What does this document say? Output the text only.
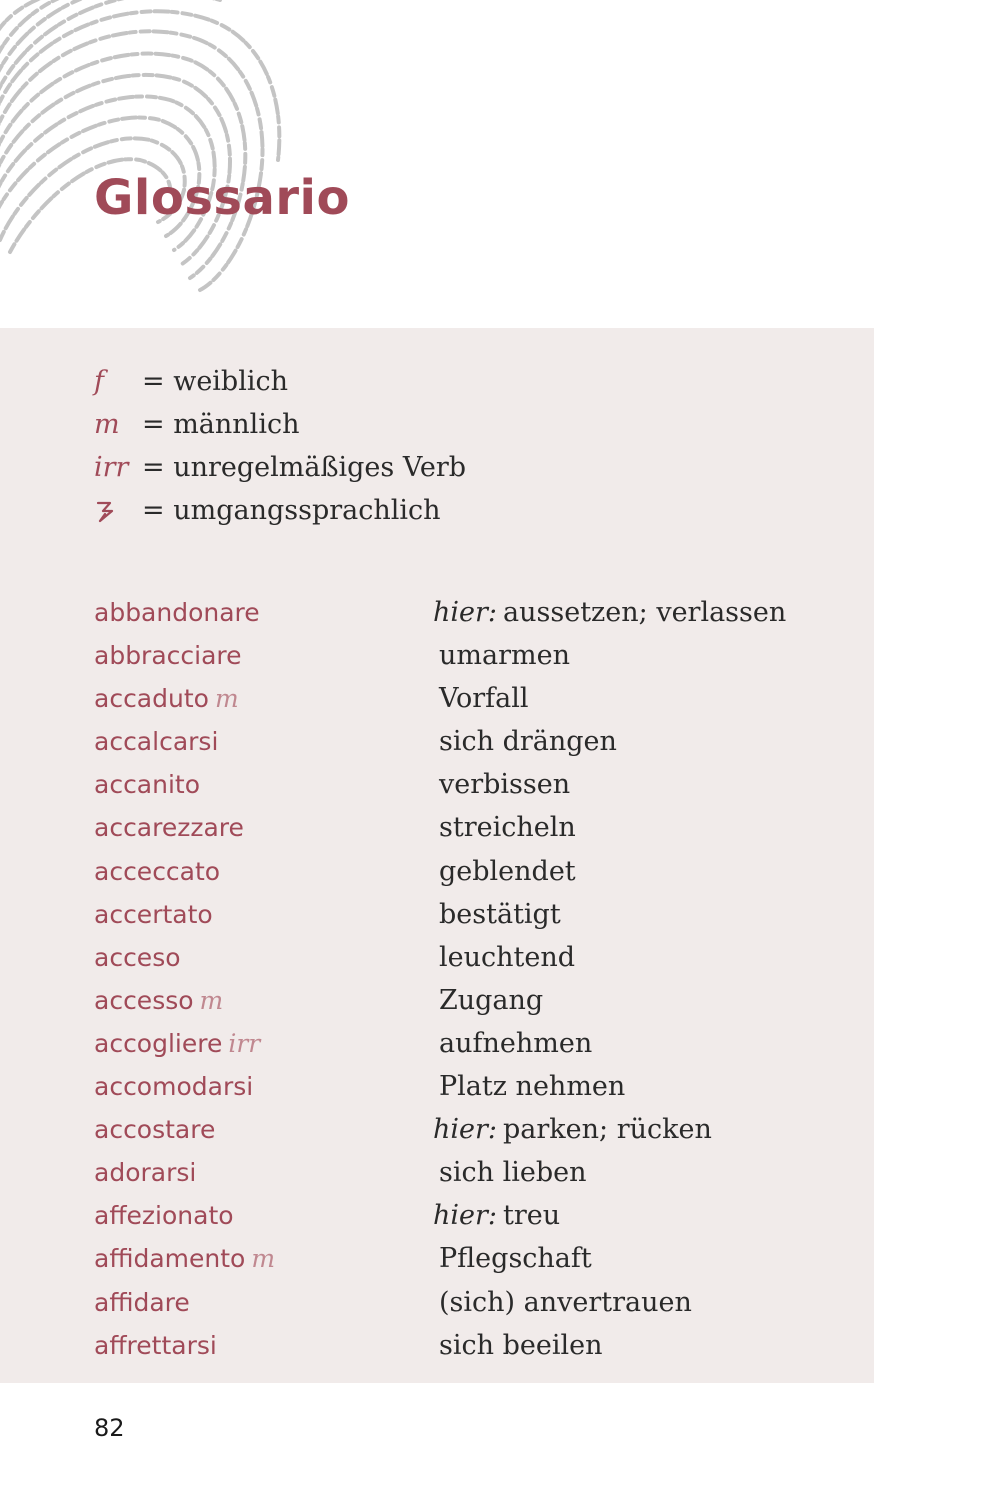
Glossario
f	= weiblich
m = männlich
irr = unregelmäßiges Verb
= umgangssprachlich
abbandonare	hier: aussetzen; verlassen
abbracciare	umarmen
accaduto m	Vorfall
accalcarsi	sich drängen
accanito	verbissen
accarezzare	streicheln
acceccato	geblendet
accertato	bestätigt
acceso	leuchtend
accesso m	Zugang
accogliere irr	aufnehmen
accomodarsi	Platz nehmen
accostare	hier: parken; rücken
adorarsi	sich lieben
affezionato	hier: treu
affidamento m	Pflegschaft
affidare	(sich) anvertrauen
affrettarsi	sich beeilen
82
